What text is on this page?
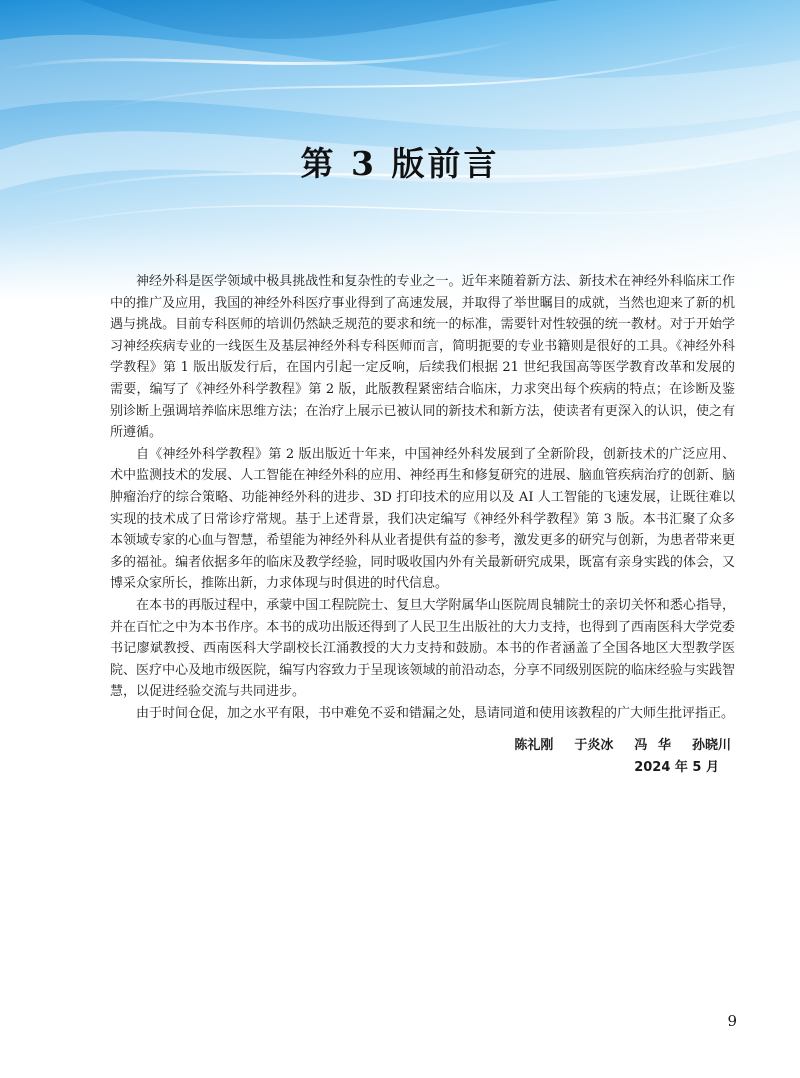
第 3 版前言

神经外科是医学领域中极具挑战性和复杂性的专业之一。近年来随着新方法、新技术在神经外科临床工作中的推广及应用，我国的神经外科医疗事业得到了高速发展，并取得了举世瞩目的成就，当然也迎来了新的机遇与挑战。目前专科医师的培训仍然缺乏规范的要求和统一的标准，需要针对性较强的统一教材。对于开始学习神经疾病专业的一线医生及基层神经外科专科医师而言，简明扼要的专业书籍则是很好的工具。《神经外科学教程》第 1 版出版发行后，在国内引起一定反响，后续我们根据 21 世纪我国高等医学教育改革和发展的需要，编写了《神经外科学教程》第 2 版，此版教程紧密结合临床，力求突出每个疾病的特点；在诊断及鉴别诊断上强调培养临床思维方法；在治疗上展示已被认同的新技术和新方法，使读者有更深入的认识，使之有所遵循。

自《神经外科学教程》第 2 版出版近十年来，中国神经外科发展到了全新阶段，创新技术的广泛应用、术中监测技术的发展、人工智能在神经外科的应用、神经再生和修复研究的进展、脑血管疾病治疗的创新、脑肿瘤治疗的综合策略、功能神经外科的进步、3D 打印技术的应用以及 AI 人工智能的飞速发展，让既往难以实现的技术成了日常诊疗常规。基于上述背景，我们决定编写《神经外科学教程》第 3 版。本书汇聚了众多本领域专家的心血与智慧，希望能为神经外科从业者提供有益的参考，激发更多的研究与创新，为患者带来更多的福祉。编者依据多年的临床及教学经验，同时吸收国内外有关最新研究成果，既富有亲身实践的体会，又博采众家所长，推陈出新，力求体现与时俱进的时代信息。

在本书的再版过程中，承蒙中国工程院院士、复旦大学附属华山医院周良辅院士的亲切关怀和悉心指导，并在百忙之中为本书作序。本书的成功出版还得到了人民卫生出版社的大力支持，也得到了西南医科大学党委书记廖斌教授、西南医科大学副校长江涌教授的大力支持和鼓励。本书的作者涵盖了全国各地区大型教学医院、医疗中心及地市级医院，编写内容致力于呈现该领域的前沿动态，分享不同级别医院的临床经验与实践智慧，以促进经验交流与共同进步。

由于时间仓促，加之水平有限，书中难免不妥和错漏之处，恳请同道和使用该教程的广大师生批评指正。

陈礼刚  于炎冰  冯 华  孙晓川
2024 年 5 月
9
